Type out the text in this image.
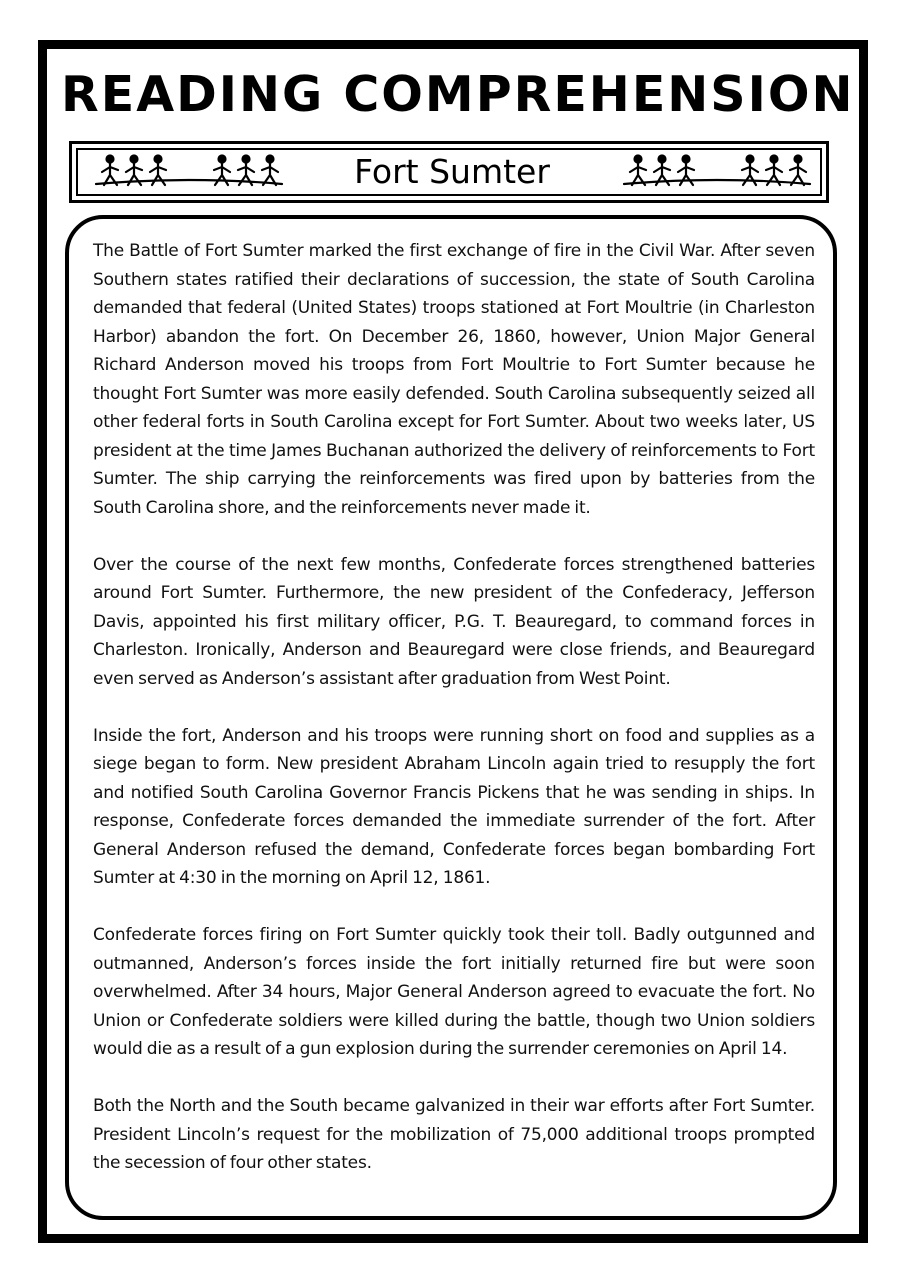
READING COMPREHENSION
Fort Sumter

The Battle of Fort Sumter marked the first exchange of fire in the Civil War. After seven Southern states ratified their declarations of succession, the state of South Carolina demanded that federal (United States) troops stationed at Fort Moultrie (in Charleston Harbor) abandon the fort. On December 26, 1860, however, Union Major General Richard Anderson moved his troops from Fort Moultrie to Fort Sumter because he thought Fort Sumter was more easily defended. South Carolina subsequently seized all other federal forts in South Carolina except for Fort Sumter. About two weeks later, US president at the time James Buchanan authorized the delivery of reinforcements to Fort Sumter. The ship carrying the reinforcements was fired upon by batteries from the South Carolina shore, and the reinforcements never made it.

Over the course of the next few months, Confederate forces strengthened batteries around Fort Sumter. Furthermore, the new president of the Confederacy, Jefferson Davis, appointed his first military officer, P.G. T. Beauregard, to command forces in Charleston. Ironically, Anderson and Beauregard were close friends, and Beauregard even served as Anderson’s assistant after graduation from West Point.

Inside the fort, Anderson and his troops were running short on food and supplies as a siege began to form. New president Abraham Lincoln again tried to resupply the fort and notified South Carolina Governor Francis Pickens that he was sending in ships. In response, Confederate forces demanded the immediate surrender of the fort. After General Anderson refused the demand, Confederate forces began bombarding Fort Sumter at 4:30 in the morning on April 12, 1861.

Confederate forces firing on Fort Sumter quickly took their toll. Badly outgunned and outmanned, Anderson’s forces inside the fort initially returned fire but were soon overwhelmed. After 34 hours, Major General Anderson agreed to evacuate the fort. No Union or Confederate soldiers were killed during the battle, though two Union soldiers would die as a result of a gun explosion during the surrender ceremonies on April 14.

Both the North and the South became galvanized in their war efforts after Fort Sumter. President Lincoln’s request for the mobilization of 75,000 additional troops prompted the secession of four other states.
